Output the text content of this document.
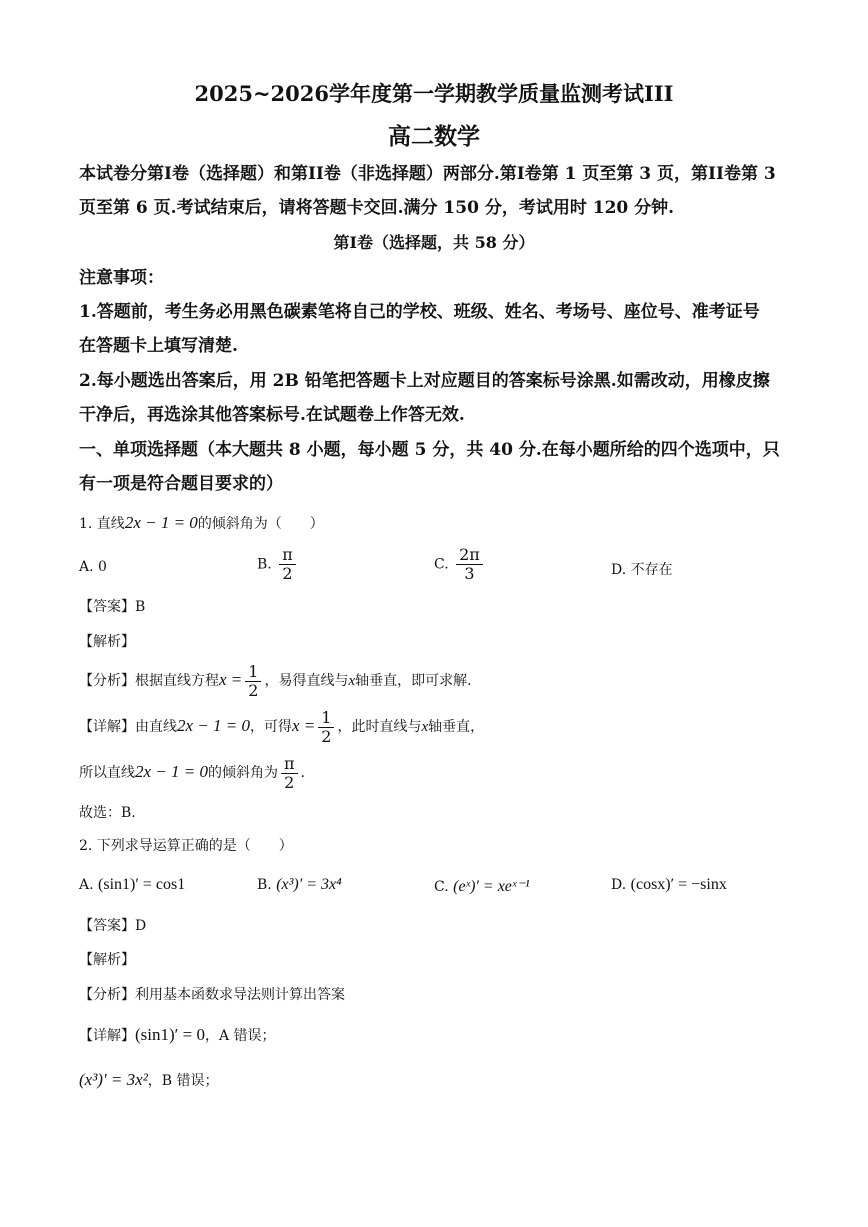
2025~2026学年度第一学期教学质量监测考试III
高二数学
本试卷分第I卷（选择题）和第II卷（非选择题）两部分.第I卷第 1 页至第 3 页，第II卷第 3
页至第 6 页.考试结束后，请将答题卡交回.满分 150 分，考试用时 120 分钟.
第I卷（选择题，共 58 分）
注意事项：
1.答题前，考生务必用黑色碳素笔将自己的学校、班级、姓名、考场号、座位号、准考证号
在答题卡上填写清楚.
2.每小题选出答案后，用 2B 铅笔把答题卡上对应题目的答案标号涂黑.如需改动，用橡皮擦
干净后，再选涂其他答案标号.在试题卷上作答无效.
一、单项选择题（本大题共 8 小题，每小题 5 分，共 40 分.在每小题所给的四个选项中，只
有一项是符合题目要求的）
1. 直线2x − 1 = 0的倾斜角为（　　）
A. 0	B. $\frac{\pi}{2}$	C. $\frac{2\pi}{3}$	D. 不存在
【答案】B
【解析】
【分析】根据直线方程$x = \frac{1}{2}$ ，易得直线与x轴垂直，即可求解.
【详解】由直线2x − 1 = 0，可得$x = \frac{1}{2}$ ，此时直线与x轴垂直，
所以直线2x − 1 = 0的倾斜角为 $\frac{\pi}{2}$ .
故选：B.
2. 下列求导运算正确的是（　　）
A. (sin1)′ = cos1	B. (x³)′ = 3x⁴	C. (eˣ)′ = xeˣ⁻¹	D. (cosx)′ = −sinx
【答案】D
【解析】
【分析】利用基本函数求导法则计算出答案
【详解】(sin1)′ = 0，A 错误；
(x³)′ = 3x²，B 错误；
